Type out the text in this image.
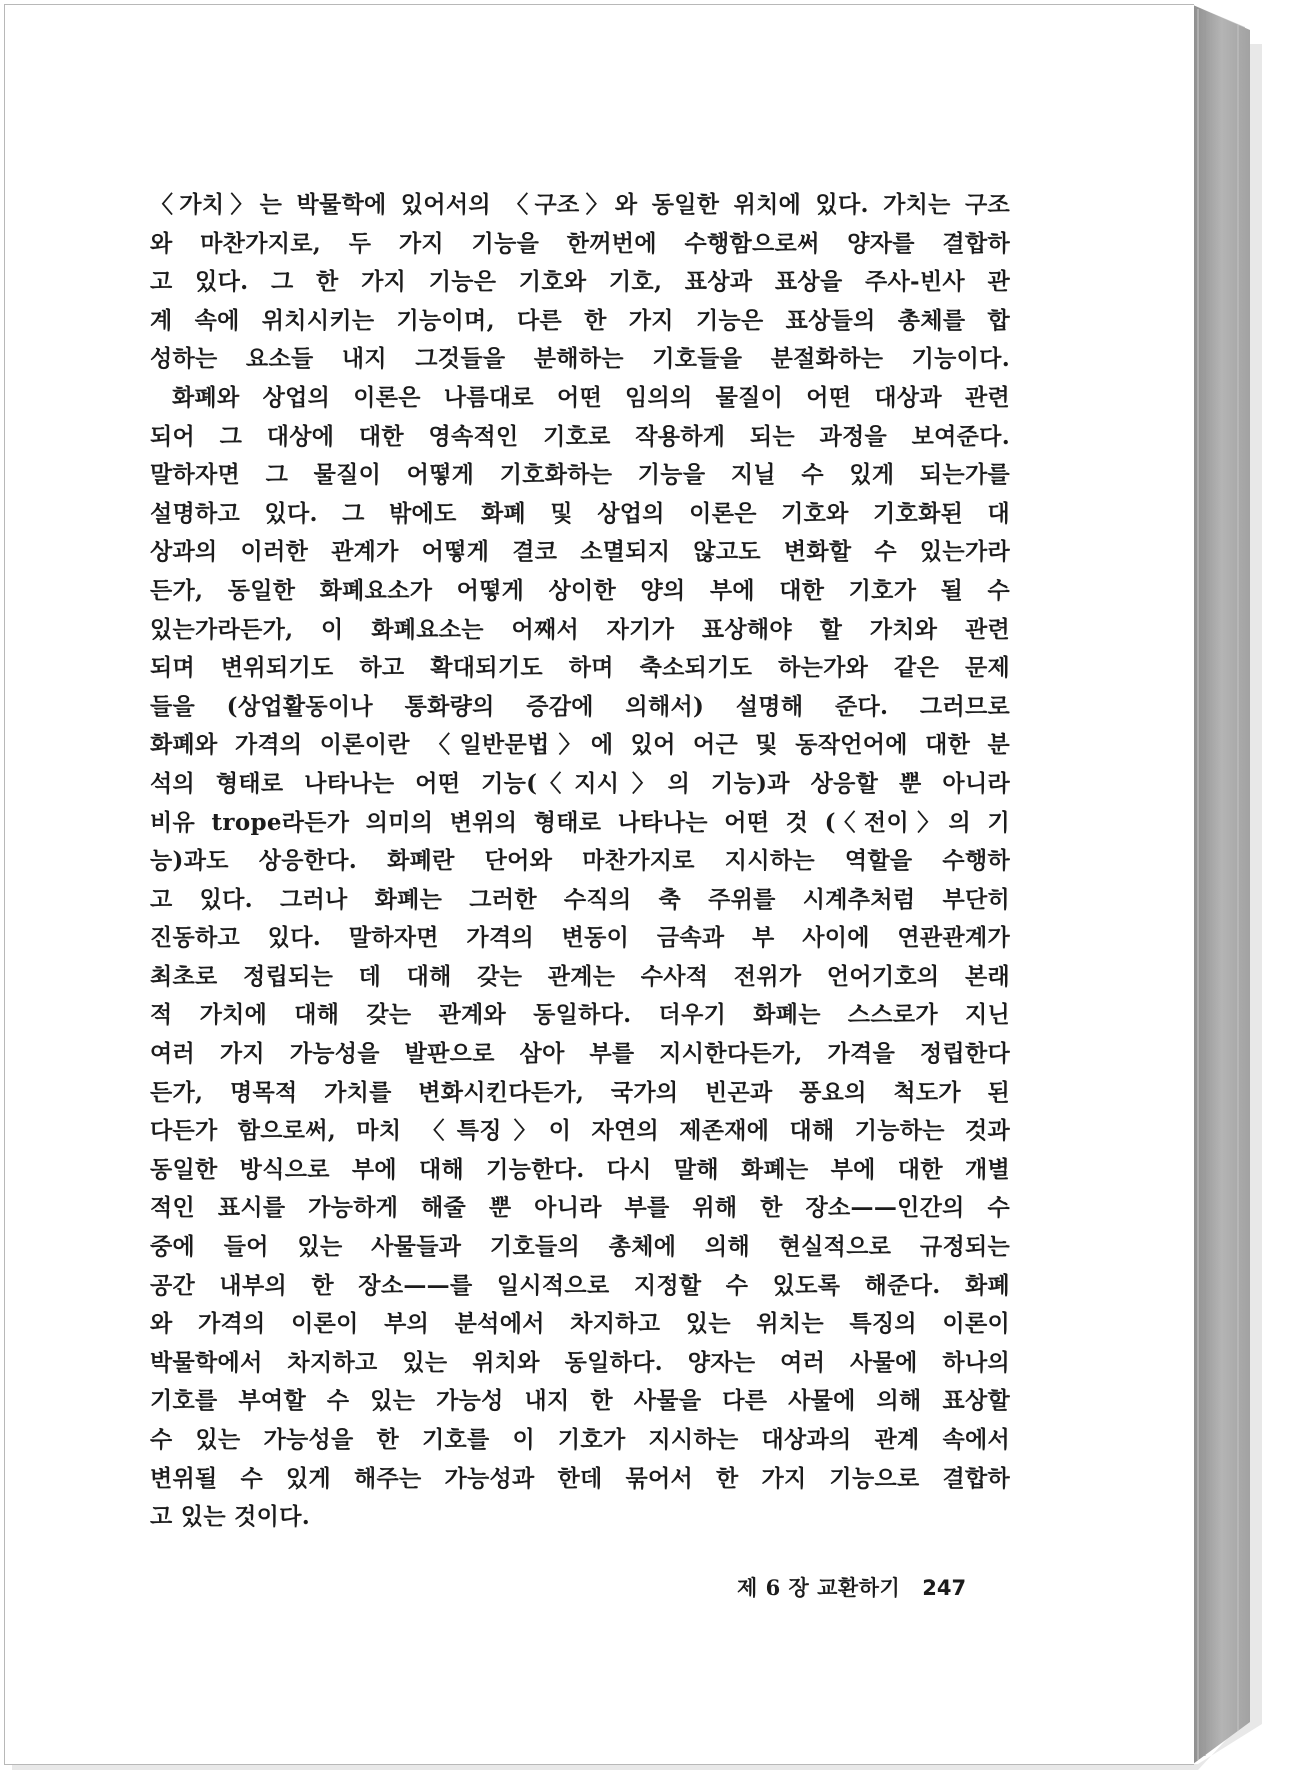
〈가치〉는 박물학에 있어서의 〈구조〉와 동일한 위치에 있다. 가치는 구조
와 마찬가지로, 두 가지 기능을 한꺼번에 수행함으로써 양자를 결합하
고 있다. 그 한 가지 기능은 기호와 기호, 표상과 표상을 주사-빈사 관
계 속에 위치시키는 기능이며, 다른 한 가지 기능은 표상들의 총체를 합
성하는 요소들 내지 그것들을 분해하는 기호들을 분절화하는 기능이다.
화폐와 상업의 이론은 나름대로 어떤 임의의 물질이 어떤 대상과 관련
되어 그 대상에 대한 영속적인 기호로 작용하게 되는 과정을 보여준다.
말하자면 그 물질이 어떻게 기호화하는 기능을 지닐 수 있게 되는가를
설명하고 있다. 그 밖에도 화폐 및 상업의 이론은 기호와 기호화된 대
상과의 이러한 관계가 어떻게 결코 소멸되지 않고도 변화할 수 있는가라
든가, 동일한 화폐요소가 어떻게 상이한 양의 부에 대한 기호가 될 수
있는가라든가, 이 화폐요소는 어째서 자기가 표상해야 할 가치와 관련
되며 변위되기도 하고 확대되기도 하며 축소되기도 하는가와 같은 문제
들을 (상업활동이나 통화량의 증감에 의해서) 설명해 준다. 그러므로
화폐와 가격의 이론이란 〈일반문법〉에 있어 어근 및 동작언어에 대한 분
석의 형태로 나타나는 어떤 기능(〈지시〉의 기능)과 상응할 뿐 아니라
비유 trope라든가 의미의 변위의 형태로 나타나는 어떤 것 (〈전이〉의 기
능)과도 상응한다. 화폐란 단어와 마찬가지로 지시하는 역할을 수행하
고 있다. 그러나 화폐는 그러한 수직의 축 주위를 시계추처럼 부단히
진동하고 있다. 말하자면 가격의 변동이 금속과 부 사이에 연관관계가
최초로 정립되는 데 대해 갖는 관계는 수사적 전위가 언어기호의 본래
적 가치에 대해 갖는 관계와 동일하다. 더우기 화폐는 스스로가 지닌
여러 가지 가능성을 발판으로 삼아 부를 지시한다든가, 가격을 정립한다
든가, 명목적 가치를 변화시킨다든가, 국가의 빈곤과 풍요의 척도가 된
다든가 함으로써, 마치 〈특징〉이 자연의 제존재에 대해 기능하는 것과
동일한 방식으로 부에 대해 기능한다. 다시 말해 화폐는 부에 대한 개별
적인 표시를 가능하게 해줄 뿐 아니라 부를 위해 한 장소——인간의 수
중에 들어 있는 사물들과 기호들의 총체에 의해 현실적으로 규정되는
공간 내부의 한 장소——를 일시적으로 지정할 수 있도록 해준다. 화폐
와 가격의 이론이 부의 분석에서 차지하고 있는 위치는 특징의 이론이
박물학에서 차지하고 있는 위치와 동일하다. 양자는 여러 사물에 하나의
기호를 부여할 수 있는 가능성 내지 한 사물을 다른 사물에 의해 표상할
수 있는 가능성을 한 기호를 이 기호가 지시하는 대상과의 관계 속에서
변위될 수 있게 해주는 가능성과 한데 묶어서 한 가지 기능으로 결합하
고 있는 것이다.
제 6 장 교환하기 247
